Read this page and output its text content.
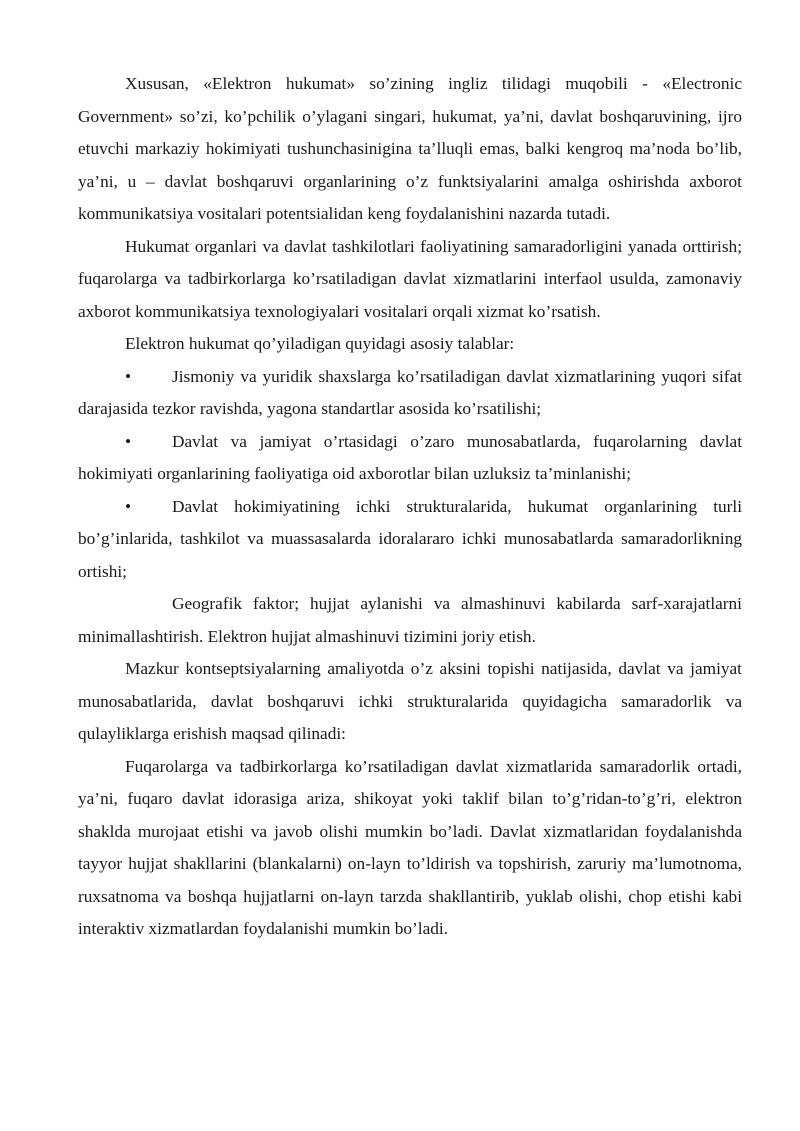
Xususan, «Elektron hukumat» so’zining ingliz tilidagi muqobili - «Electronic Government» so’zi, ko’pchilik o’ylagani singari, hukumat, ya’ni, davlat boshqaruvining, ijro etuvchi markaziy hokimiyati tushunchasinigina ta’lluqli emas, balki kengroq ma’noda bo’lib, ya’ni, u – davlat boshqaruvi organlarining o’z funktsiyalarini amalga oshirishda axborot kommunikatsiya vositalari potentsialidan keng foydalanishini nazarda tutadi.

Hukumat organlari va davlat tashkilotlari faoliyatining samaradorligini yanada orttirish; fuqarolarga va tadbirkorlarga ko’rsatiladigan davlat xizmatlarini interfaol usulda, zamonaviy axborot kommunikatsiya texnologiyalari vositalari orqali xizmat ko’rsatish.

Elektron hukumat qo’yiladigan quyidagi asosiy talablar:

• Jismoniy va yuridik shaxslarga ko’rsatiladigan davlat xizmatlarining yuqori sifat darajasida tezkor ravishda, yagona standartlar asosida ko’rsatilishi;

• Davlat va jamiyat o’rtasidagi o’zaro munosabatlarda, fuqarolarning davlat hokimiyati organlarining faoliyatiga oid axborotlar bilan uzluksiz ta’minlanishi;

• Davlat hokimiyatining ichki strukturalarida, hukumat organlarining turli bo’g’inlarida, tashkilot va muassasalarda idoralararo ichki munosabatlarda samaradorlikning ortishi;

Geografik faktor; hujjat aylanishi va almashinuvi kabilarda sarf-xarajatlarni minimallashtirish. Elektron hujjat almashinuvi tizimini joriy etish.

Mazkur kontseptsiyalarning amaliyotda o’z aksini topishi natijasida, davlat va jamiyat munosabatlarida, davlat boshqaruvi ichki strukturalarida quyidagicha samaradorlik va qulayliklarga erishish maqsad qilinadi:

Fuqarolarga va tadbirkorlarga ko’rsatiladigan davlat xizmatlarida samaradorlik ortadi, ya’ni, fuqaro davlat idorasiga ariza, shikoyat yoki taklif bilan to’g’ridan-to’g’ri, elektron shaklda murojaat etishi va javob olishi mumkin bo’ladi. Davlat xizmatlaridan foydalanishda tayyor hujjat shakllarini (blankalarni) on-layn to’ldirish va topshirish, zaruriy ma’lumotnoma, ruxsatnoma va boshqa hujjatlarni on-layn tarzda shakllantirib, yuklab olishi, chop etishi kabi interaktiv xizmatlardan foydalanishi mumkin bo’ladi.
